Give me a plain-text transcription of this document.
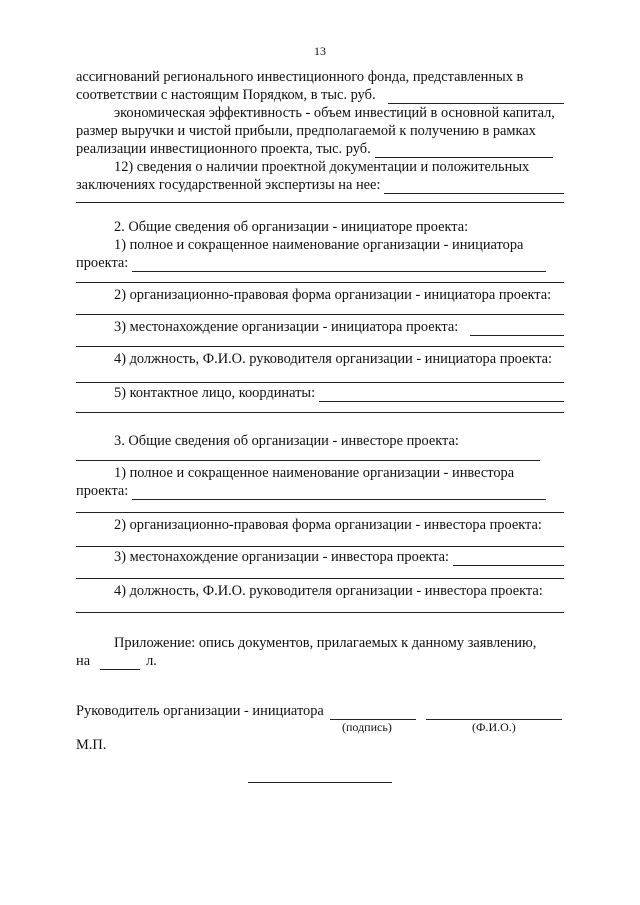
13
ассигнований регионального инвестиционного фонда, представленных в
соответствии с настоящим Порядком, в тыс. руб.
экономическая эффективность - объем инвестиций в основной капитал,
размер выручки и чистой прибыли, предполагаемой к получению в рамках
реализации инвестиционного проекта, тыс. руб.
12) сведения о наличии проектной документации и положительных
заключениях государственной экспертизы на нее:
2. Общие сведения об организации - инициаторе проекта:
1) полное и сокращенное наименование организации - инициатора
проекта:
2) организационно-правовая форма организации - инициатора проекта:
3) местонахождение организации - инициатора проекта:
4) должность, Ф.И.О. руководителя организации - инициатора проекта:
5) контактное лицо, координаты:
3. Общие сведения об организации - инвесторе проекта:
1) полное и сокращенное наименование организации - инвестора
проекта:
2) организационно-правовая форма организации - инвестора проекта:
3) местонахождение организации - инвестора проекта:
4) должность, Ф.И.О. руководителя организации - инвестора проекта:
Приложение: опись документов, прилагаемых к данному заявлению,
на	л.
Руководитель организации - инициатора
(подпись)	(Ф.И.О.)
М.П.
